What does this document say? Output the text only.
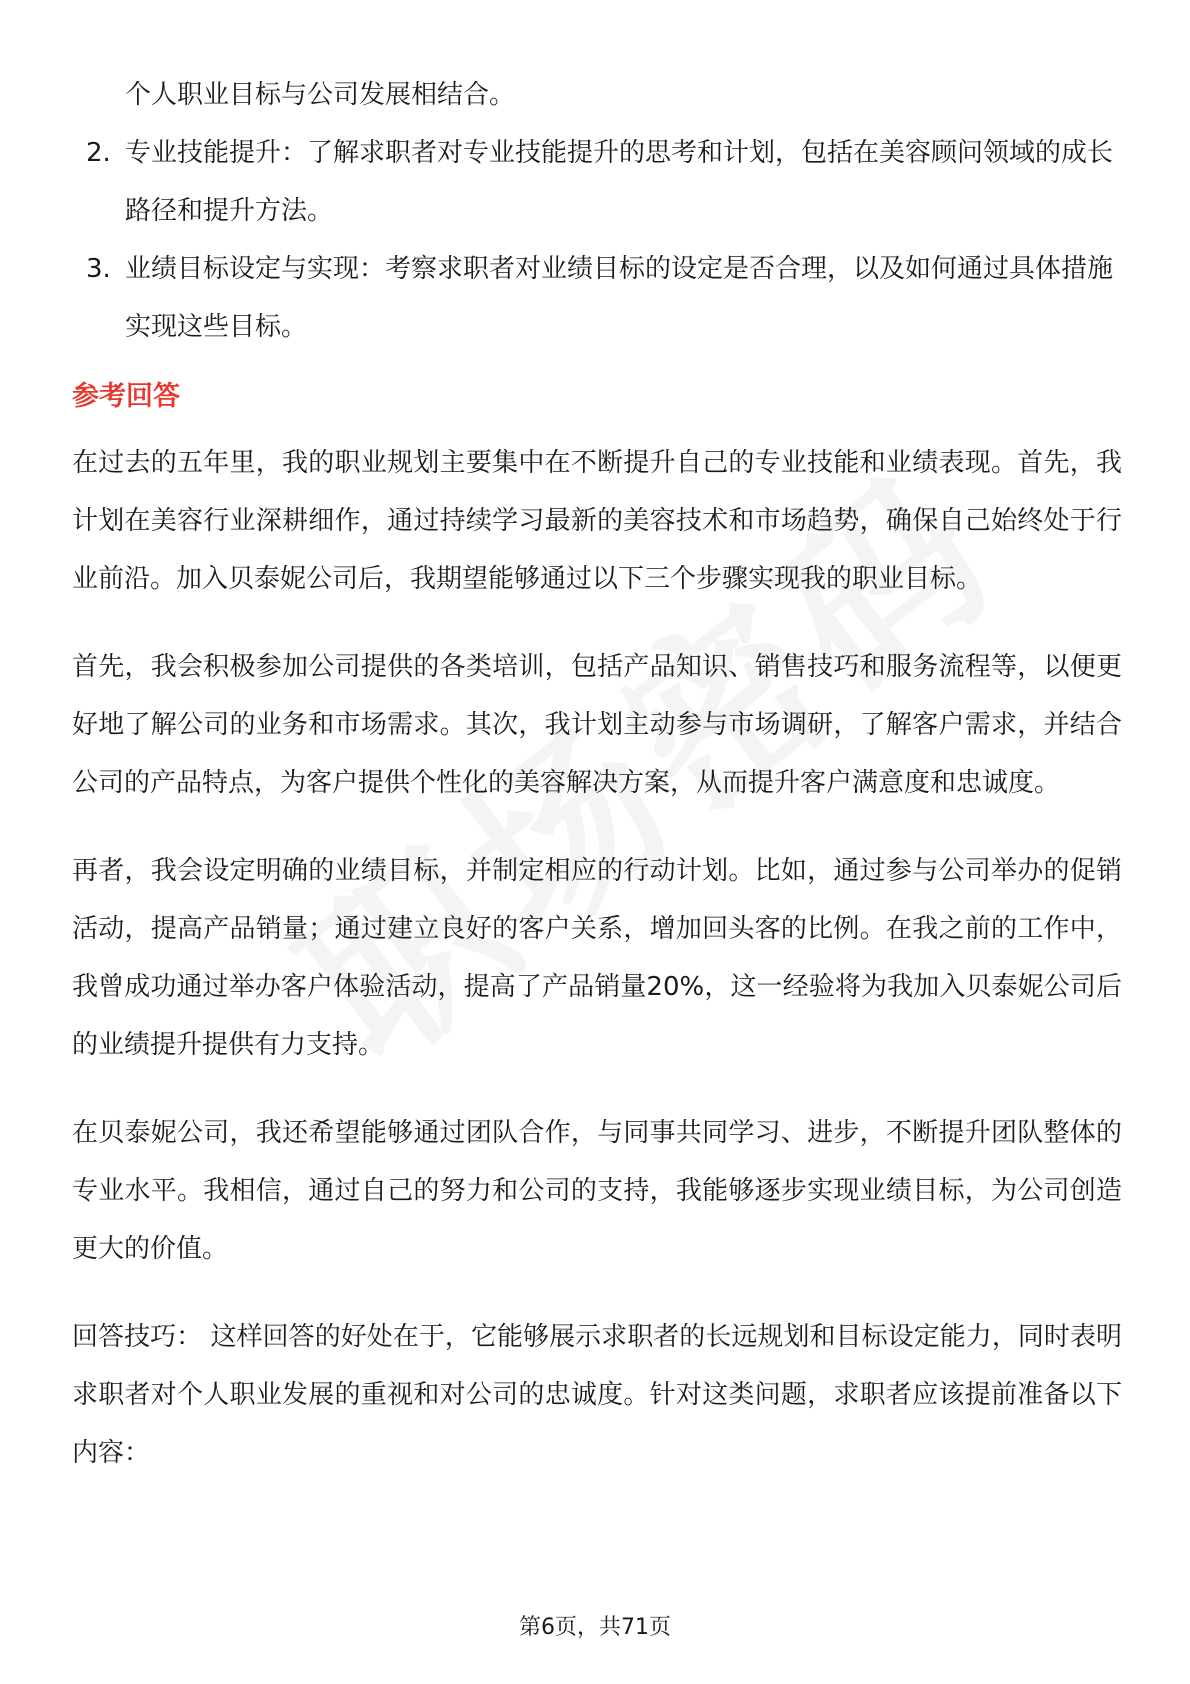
个人职业目标与公司发展相结合。

2. 专业技能提升：了解求职者对专业技能提升的思考和计划，包括在美容顾问领域的成长路径和提升方法。
3. 业绩目标设定与实现：考察求职者对业绩目标的设定是否合理，以及如何通过具体措施实现这些目标。
参考回答

在过去的五年里，我的职业规划主要集中在不断提升自己的专业技能和业绩表现。首先，我计划在美容行业深耕细作，通过持续学习最新的美容技术和市场趋势，确保自己始终处于行业前沿。加入贝泰妮公司后，我期望能够通过以下三个步骤实现我的职业目标。

首先，我会积极参加公司提供的各类培训，包括产品知识、销售技巧和服务流程等，以便更好地了解公司的业务和市场需求。其次，我计划主动参与市场调研，了解客户需求，并结合公司的产品特点，为客户提供个性化的美容解决方案，从而提升客户满意度和忠诚度。

再者，我会设定明确的业绩目标，并制定相应的行动计划。比如，通过参与公司举办的促销活动，提高产品销量；通过建立良好的客户关系，增加回头客的比例。在我之前的工作中，我曾成功通过举办客户体验活动，提高了产品销量20%，这一经验将为我加入贝泰妮公司后的业绩提升提供有力支持。

在贝泰妮公司，我还希望能够通过团队合作，与同事共同学习、进步，不断提升团队整体的专业水平。我相信，通过自己的努力和公司的支持，我能够逐步实现业绩目标，为公司创造更大的价值。

回答技巧： 这样回答的好处在于，它能够展示求职者的长远规划和目标设定能力，同时表明求职者对个人职业发展的重视和对公司的忠诚度。针对这类问题，求职者应该提前准备以下内容：

第6页，共71页
